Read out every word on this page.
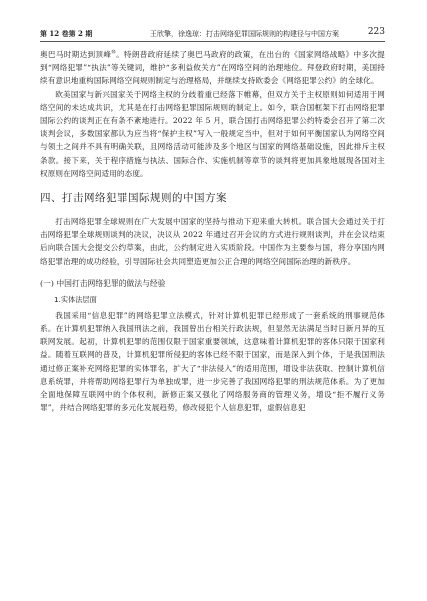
第 12 卷第 2 期	王欣擎，徐逸琼：打击网络犯罪国际规则的构建径与中国方案	223

奥巴马时期达到顶峰⑩。特朗普政府延续了奥巴马政府的政策，在出台的《国家网络战略》中多次提到“网络犯罪”“执法”等关键词，维护“多利益攸关方”在网络空间的治理地位。拜登政府时期，美国持续有意识地重构国际网络空间规则制定与治理格局，并继续支持欧委会《网络犯罪公约》的全球化。

欧美国家与新兴国家关于网络主权的分歧着重已经落下帷幕，但双方关于主权原则如何适用于网络空间的未达成共识，尤其是在打击网络犯罪国际规则的制定上。如今，联合国框架下打击网络犯罪国际公约的谈判正在有条不紊地进行。2022 年 5 月，联合国打击网络犯罪公约特委会召开了第二次谈判会议，多数国家都认为应当将“保护主权”写入一般规定当中，但对于如何平衡国家认为网络空间与领土之间并不具有明确关联，且网络活动可能涉及多个地区与国家的网络基础设施，因此排斥主权条款。接下来，关于程序措施与执法、国际合作、实施机制等章节的谈判将更加具象地展现各国对主权原则在网络空间适用的态度。

四、打击网络犯罪国际规则的中国方案

打击网络犯罪全球规则在广大发展中国家的坚持与推动下迎来重大转机。联合国大会通过关于打击网络犯罪全球规则谈判的决议，决议从 2022 年通过召开会议的方式进行规则谈判，并在会议结束后向联合国大会提交公约草案，由此，公约制定进入实质阶段。中国作为主要参与国，将分享国内网络犯罪治理的成功经验，引导国际社会共同塑造更加公正合理的网络空间国际治理的新秩序。

(一) 中国打击网络犯罪的做法与经验
1.实体法层面

我国采用“信息犯罪”的网络犯罪立法模式，针对计算机犯罪已经形成了一套系统的刑事规范体系。在计算机犯罪纳入我国刑法之前，我国曾出台相关行政法规，但显然无法满足当时日新月异的互联网发展。起初，计算机犯罪的范围仅限于国家重要领域，这意味着计算机犯罪的客体只限于国家利益。随着互联网的普及，计算机犯罪所侵犯的客体已经不限于国家，而是深入到个体，于是我国刑法通过修正案补充网络犯罪的实体罪名，扩大了“非法侵入”的适用范围，增设非法获取、控制计算机信息系统罪，并将帮助网络犯罪行为单独成罪，进一步完善了我国网络犯罪的刑法规范体系。为了更加全面地保障互联网中的个体权利，新修正案又强化了网络服务商的管理义务，增设“拒不履行义务罪”，并结合网络犯罪的多元化发展趋势，修改侵犯个人信息犯罪，虚假信息犯
